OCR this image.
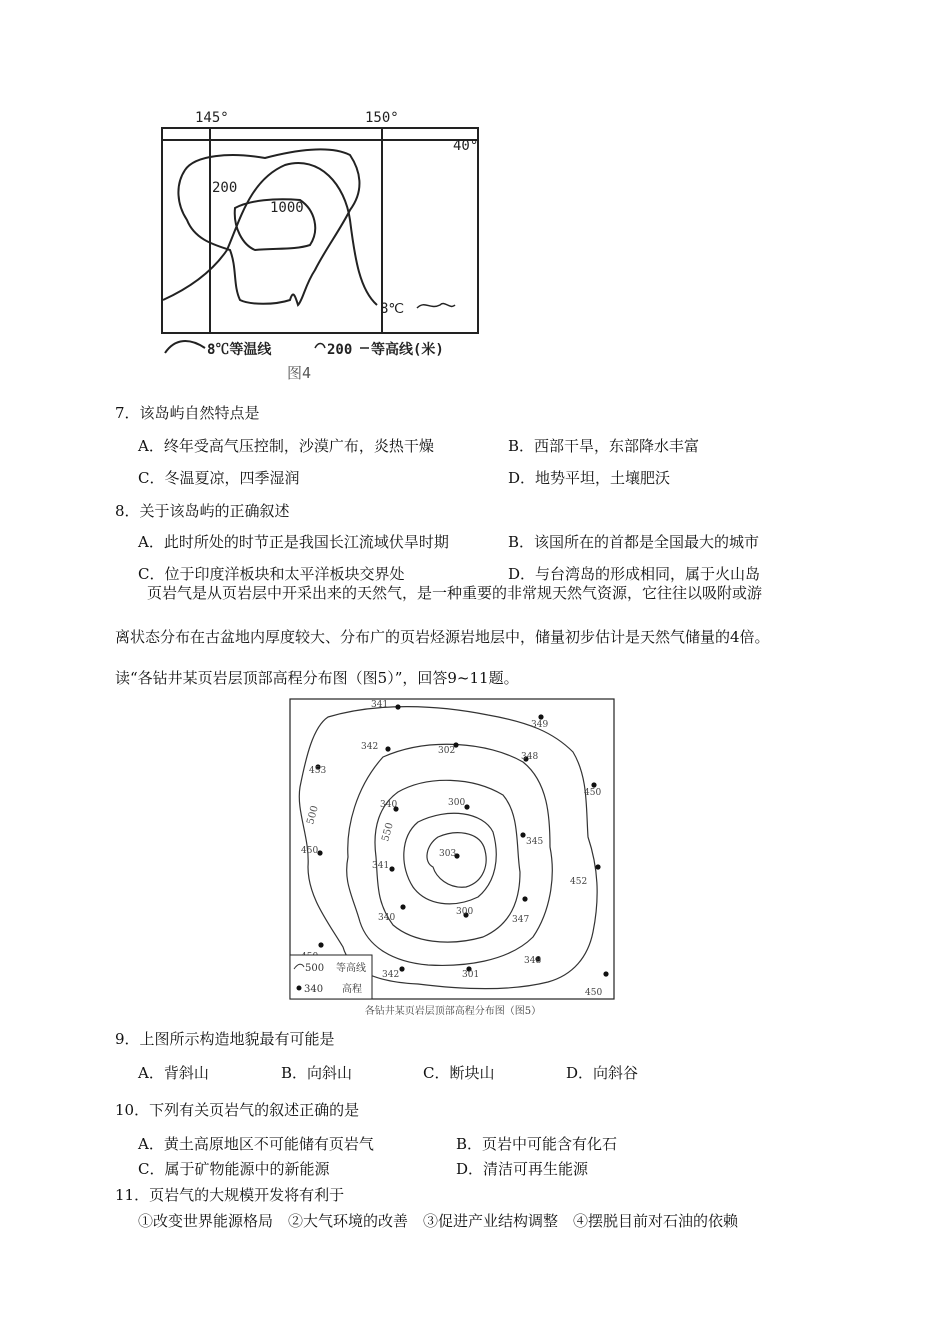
145°	150°
40°
200
1000
8℃
8℃等温线	200 等高线(米)
图4
7．该岛屿自然特点是
A．终年受高气压控制，沙漠广布，炎热干燥	B．西部干旱，东部降水丰富
C．冬温夏凉，四季湿润	D．地势平坦，土壤肥沃
8．关于该岛屿的正确叙述
A．此时所处的时节正是我国长江流域伏旱时期	B．该国所在的首都是全国最大的城市
C．位于印度洋板块和太平洋板块交界处	D．与台湾岛的形成相同，属于火山岛
页岩气是从页岩层中开采出来的天然气，是一种重要的非常规天然气资源，它往往以吸附或游
离状态分布在古盆地内厚度较大、分布广的页岩烃源岩地层中，储量初步估计是天然气储量的4倍。
读“各钻井某页岩层顶部高程分布图（图5）”，回答9~11题。
500
550
341
349
342	302
348
453
450
340	300
345
450
341
303
452
340
300
347
348
342	301
450
500 等高线
340 高程
各钻井某页岩层顶部高程分布图（图5）
9．上图所示构造地貌最有可能是
A．背斜山	B．向斜山	C．断块山	D．向斜谷
10．下列有关页岩气的叙述正确的是
A．黄土高原地区不可能储有页岩气	B．页岩中可能含有化石
C．属于矿物能源中的新能源	D．清洁可再生能源
11．页岩气的大规模开发将有利于
①改变世界能源格局　②大气环境的改善　③促进产业结构调整　④摆脱目前对石油的依赖
